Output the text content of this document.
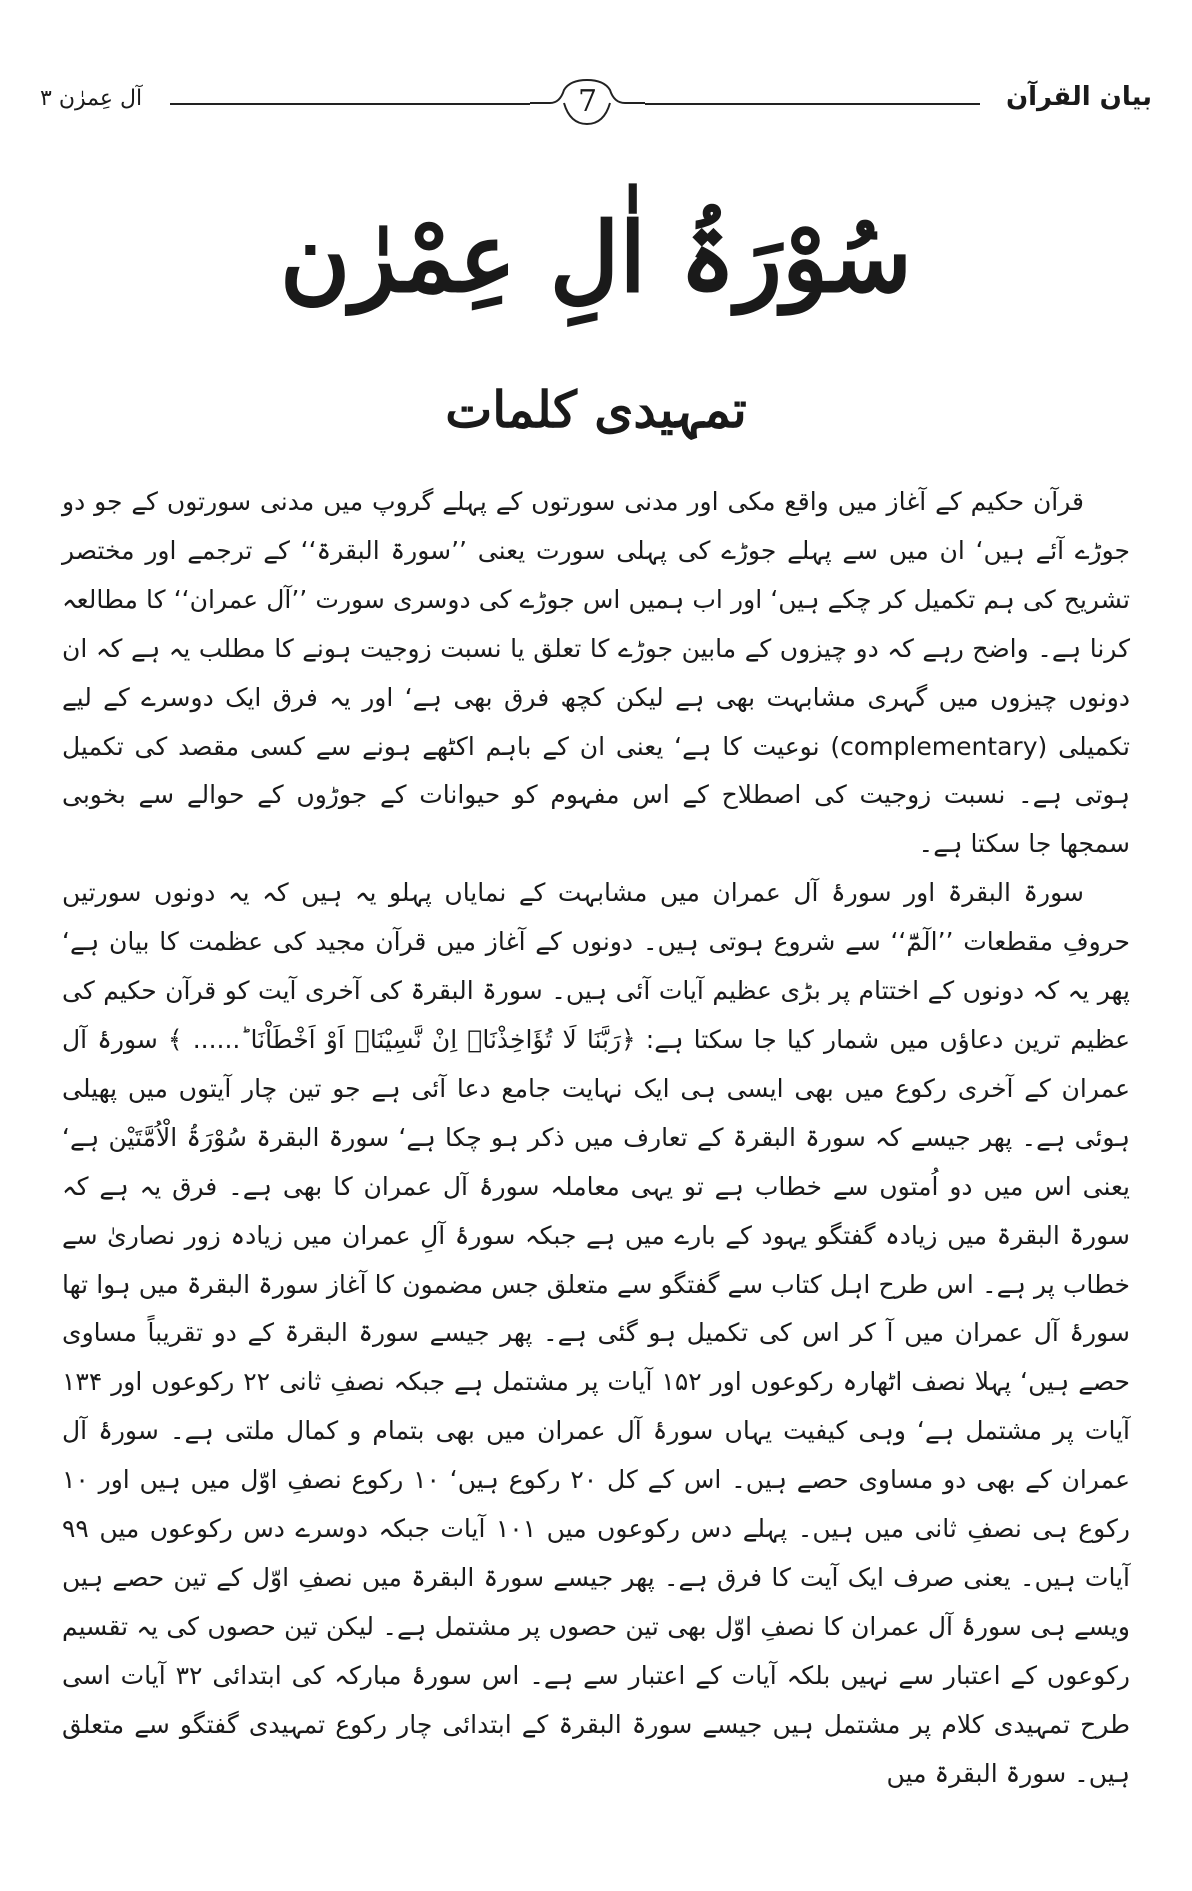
بیان القرآن
7
آل عِمرٰن ۳
سُوْرَۃُ اٰلِ عِمْرٰن
تمہیدی کلمات

قرآن حکیم کے آغاز میں واقع مکی اور مدنی سورتوں کے پہلے گروپ میں مدنی سورتوں کے جو دو جوڑے آئے ہیں‘ ان میں سے پہلے جوڑے کی پہلی سورت یعنی ’’سورۃ البقرۃ‘‘ کے ترجمے اور مختصر تشریح کی ہم تکمیل کر چکے ہیں‘ اور اب ہمیں اس جوڑے کی دوسری سورت ’’آل عمران‘‘ کا مطالعہ کرنا ہے۔ واضح رہے کہ دو چیزوں کے مابین جوڑے کا تعلق یا نسبت زوجیت ہونے کا مطلب یہ ہے کہ ان دونوں چیزوں میں گہری مشابہت بھی ہے لیکن کچھ فرق بھی ہے‘ اور یہ فرق ایک دوسرے کے لیے تکمیلی (complementary) نوعیت کا ہے‘ یعنی ان کے باہم اکٹھے ہونے سے کسی مقصد کی تکمیل ہوتی ہے۔ نسبت زوجیت کی اصطلاح کے اس مفہوم کو حیوانات کے جوڑوں کے حوالے سے بخوبی سمجھا جا سکتا ہے۔

سورۃ البقرۃ اور سورۂ آل عمران میں مشابہت کے نمایاں پہلو یہ ہیں کہ یہ دونوں سورتیں حروفِ مقطعات ’’الٓمّٓ‘‘ سے شروع ہوتی ہیں۔ دونوں کے آغاز میں قرآن مجید کی عظمت کا بیان ہے‘ پھر یہ کہ دونوں کے اختتام پر بڑی عظیم آیات آئی ہیں۔ سورۃ البقرۃ کی آخری آیت کو قرآن حکیم کی عظیم ترین دعاؤں میں شمار کیا جا سکتا ہے: ﴿رَبَّنَا لَا تُؤَاخِذْنَاۤ اِنْ نَّسِیْنَاۤ اَوْ اَخْطَاْنَا ؕ...... ﴾ سورۂ آل عمران کے آخری رکوع میں بھی ایسی ہی ایک نہایت جامع دعا آئی ہے جو تین چار آیتوں میں پھیلی ہوئی ہے۔ پھر جیسے کہ سورۃ البقرۃ کے تعارف میں ذکر ہو چکا ہے‘ سورۃ البقرۃ سُوْرَۃُ الْاُمَّتَیْن ہے‘ یعنی اس میں دو اُمتوں سے خطاب ہے تو یہی معاملہ سورۂ آل عمران کا بھی ہے۔ فرق یہ ہے کہ سورۃ البقرۃ میں زیادہ گفتگو یہود کے بارے میں ہے جبکہ سورۂ آلِ عمران میں زیادہ زور نصاریٰ سے خطاب پر ہے۔ اس طرح اہل کتاب سے گفتگو سے متعلق جس مضمون کا آغاز سورۃ البقرۃ میں ہوا تھا سورۂ آل عمران میں آ کر اس کی تکمیل ہو گئی ہے۔ پھر جیسے سورۃ البقرۃ کے دو تقریباً مساوی حصے ہیں‘ پہلا نصف اٹھارہ رکوعوں اور ۱۵۲ آیات پر مشتمل ہے جبکہ نصفِ ثانی ۲۲ رکوعوں اور ۱۳۴ آیات پر مشتمل ہے‘ وہی کیفیت یہاں سورۂ آل عمران میں بھی بتمام و کمال ملتی ہے۔ سورۂ آل عمران کے بھی دو مساوی حصے ہیں۔ اس کے کل ۲۰ رکوع ہیں‘ ۱۰ رکوع نصفِ اوّل میں ہیں اور ۱۰ رکوع ہی نصفِ ثانی میں ہیں۔ پہلے دس رکوعوں میں ۱۰۱ آیات جبکہ دوسرے دس رکوعوں میں ۹۹ آیات ہیں۔ یعنی صرف ایک آیت کا فرق ہے۔ پھر جیسے سورۃ البقرۃ میں نصفِ اوّل کے تین حصے ہیں ویسے ہی سورۂ آل عمران کا نصفِ اوّل بھی تین حصوں پر مشتمل ہے۔ لیکن تین حصوں کی یہ تقسیم رکوعوں کے اعتبار سے نہیں بلکہ آیات کے اعتبار سے ہے۔ اس سورۂ مبارکہ کی ابتدائی ۳۲ آیات اسی طرح تمہیدی کلام پر مشتمل ہیں جیسے سورۃ البقرۃ کے ابتدائی چار رکوع تمہیدی گفتگو سے متعلق ہیں۔ سورۃ البقرۃ میں
